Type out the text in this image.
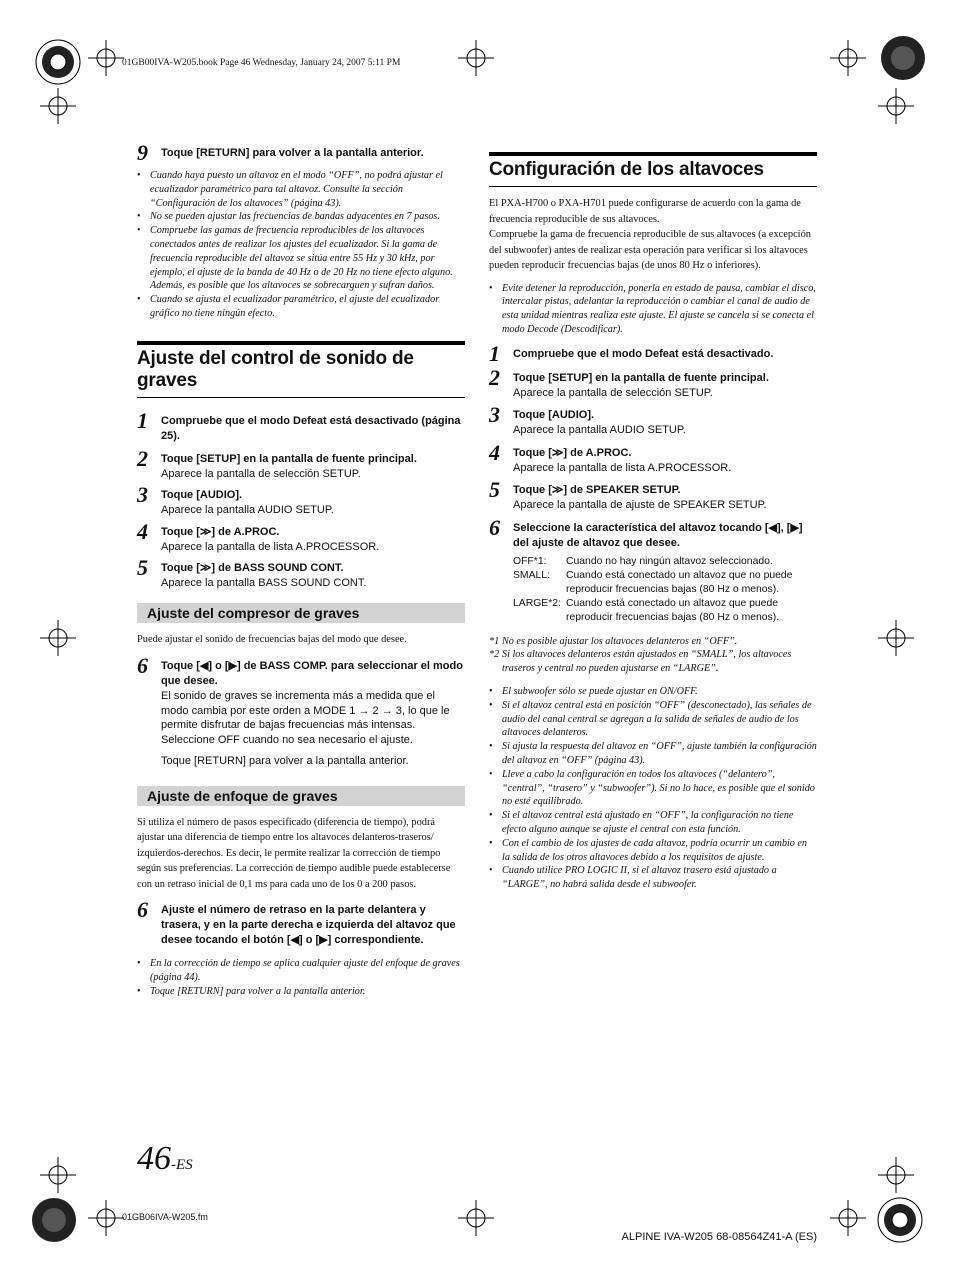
01GB00IVA-W205.book Page 46 Wednesday, January 24, 2007 5:11 PM
9 Toque [RETURN] para volver a la pantalla anterior.
• Cuando haya puesto un altavoz en el modo “OFF”, no podrá ajustar el ecualizador paramétrico para tal altavoz. Consulte la sección “Configuración de los altavoces” (página 43).
• No se pueden ajustar las frecuencias de bandas adyacentes en 7 pasos.
• Compruebe las gamas de frecuencia reproducibles de los altavoces conectados antes de realizar los ajustes del ecualizador. Si la gama de frecuencia reproducible del altavoz se sitúa entre 55 Hz y 30 kHz, por ejemplo, el ajuste de la banda de 40 Hz o de 20 Hz no tiene efecto alguno. Además, es posible que los altavoces se sobrecarguen y sufran daños.
• Cuando se ajusta el ecualizador paramétrico, el ajuste del ecualizador gráfico no tiene ningún efecto.
Ajuste del control de sonido de graves
1 Compruebe que el modo Defeat está desactivado (página 25).
2 Toque [SETUP] en la pantalla de fuente principal.
Aparece la pantalla de selección SETUP.
3 Toque [AUDIO].
Aparece la pantalla AUDIO SETUP.
4 Toque [≫] de A.PROC.
Aparece la pantalla de lista A.PROCESSOR.
5 Toque [≫] de BASS SOUND CONT.
Aparece la pantalla BASS SOUND CONT.
Ajuste del compresor de graves
Puede ajustar el sonido de frecuencias bajas del modo que desee.
6 Toque [◀] o [▶] de BASS COMP. para seleccionar el modo que desee.
El sonido de graves se incrementa más a medida que el modo cambia por este orden a MODE 1 → 2 → 3, lo que le permite disfrutar de bajas frecuencias más intensas. Seleccione OFF cuando no sea necesario el ajuste.
Toque [RETURN] para volver a la pantalla anterior.
Ajuste de enfoque de graves
Si utiliza el número de pasos especificado (diferencia de tiempo), podrá ajustar una diferencia de tiempo entre los altavoces delanteros-traseros/ izquierdos-derechos. Es decir, le permite realizar la corrección de tiempo según sus preferencias. La corrección de tiempo audible puede establecerse con un retraso inicial de 0,1 ms para cada uno de los 0 a 200 pasos.
6 Ajuste el número de retraso en la parte delantera y trasera, y en la parte derecha e izquierda del altavoz que desee tocando el botón [◀] o [▶] correspondiente.
• En la corrección de tiempo se aplica cualquier ajuste del enfoque de graves (página 44).
• Toque [RETURN] para volver a la pantalla anterior.
Configuración de los altavoces
El PXA-H700 o PXA-H701 puede configurarse de acuerdo con la gama de frecuencia reproducible de sus altavoces.
Compruebe la gama de frecuencia reproducible de sus altavoces (a excepción del subwoofer) antes de realizar esta operación para verificar si los altavoces pueden reproducir frecuencias bajas (de unos 80 Hz o inferiores).
• Evite detener la reproducción, ponerla en estado de pausa, cambiar el disco, intercalar pistas, adelantar la reproducción o cambiar el canal de audio de esta unidad mientras realiza este ajuste. El ajuste se cancela si se conecta el modo Decode (Descodificar).
1 Compruebe que el modo Defeat está desactivado.
2 Toque [SETUP] en la pantalla de fuente principal.
Aparece la pantalla de selección SETUP.
3 Toque [AUDIO].
Aparece la pantalla AUDIO SETUP.
4 Toque [≫] de A.PROC.
Aparece la pantalla de lista A.PROCESSOR.
5 Toque [≫] de SPEAKER SETUP.
Aparece la pantalla de ajuste de SPEAKER SETUP.
6 Seleccione la característica del altavoz tocando [◀], [▶] del ajuste de altavoz que desee.
OFF*1:	Cuando no hay ningún altavoz seleccionado.
SMALL:	Cuando está conectado un altavoz que no puede reproducir frecuencias bajas (80 Hz o menos).
LARGE*2: Cuando está conectado un altavoz que puede reproducir frecuencias bajas (80 Hz o menos).
*1 No es posible ajustar los altavoces delanteros en “OFF”.
*2 Si los altavoces delanteros están ajustados en “SMALL”, los altavoces traseros y central no pueden ajustarse en “LARGE”.
• El subwoofer sólo se puede ajustar en ON/OFF.
• Si el altavoz central está en posición “OFF” (desconectado), las señales de audio del canal central se agregan a la salida de señales de audio de los altavoces delanteros.
• Si ajusta la respuesta del altavoz en “OFF”, ajuste también la configuración del altavoz en “OFF” (página 43).
• Lleve a cabo la configuración en todos los altavoces (“delantero”, “central”, “trasero” y “subwoofer”). Si no lo hace, es posible que el sonido no esté equilibrado.
• Si el altavoz central está ajustado en “OFF”, la configuración no tiene efecto alguno aunque se ajuste el central con esta función.
• Con el cambio de los ajustes de cada altavoz, podría ocurrir un cambio en la salida de los otros altavoces debido a los requisitos de ajuste.
• Cuando utilice PRO LOGIC II, si el altavoz trasero está ajustado a “LARGE”, no habrá salida desde el subwoofer.
46-ES
01GB06IVA-W205.fm
ALPINE IVA-W205 68-08564Z41-A (ES)
